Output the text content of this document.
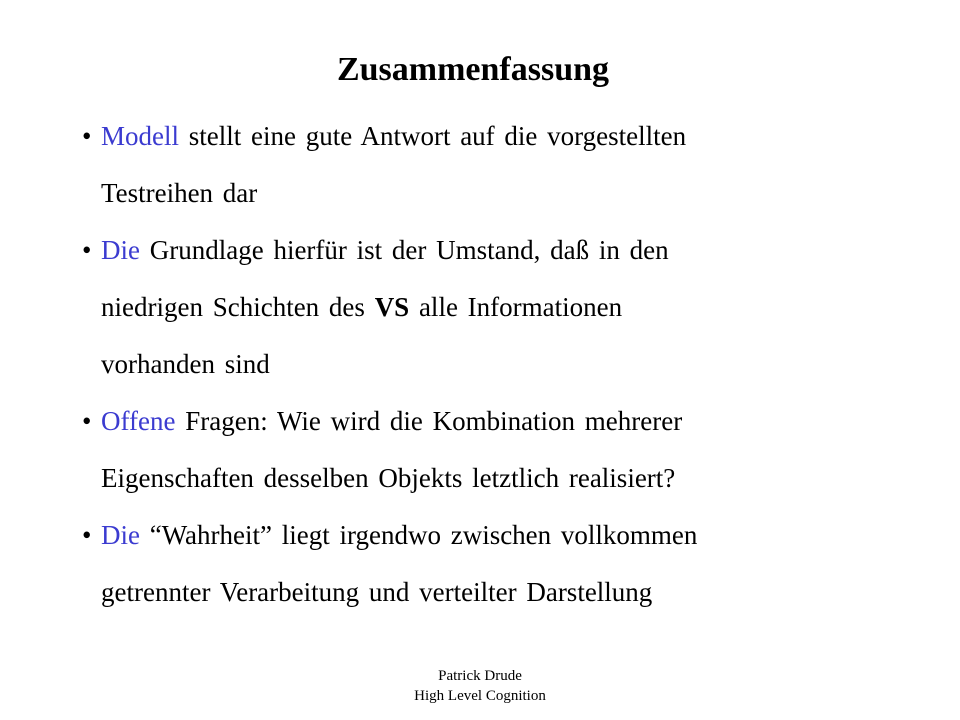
Zusammenfassung
• Modell stellt eine gute Antwort auf die vorgestellten
Testreihen dar
• Die Grundlage hierfür ist der Umstand, daß in den
niedrigen Schichten des VS alle Informationen
vorhanden sind
• Offene Fragen: Wie wird die Kombination mehrerer
Eigenschaften desselben Objekts letztlich realisiert?
• Die “Wahrheit” liegt irgendwo zwischen vollkommen
getrennter Verarbeitung und verteilter Darstellung
Patrick Drude
High Level Cognition
